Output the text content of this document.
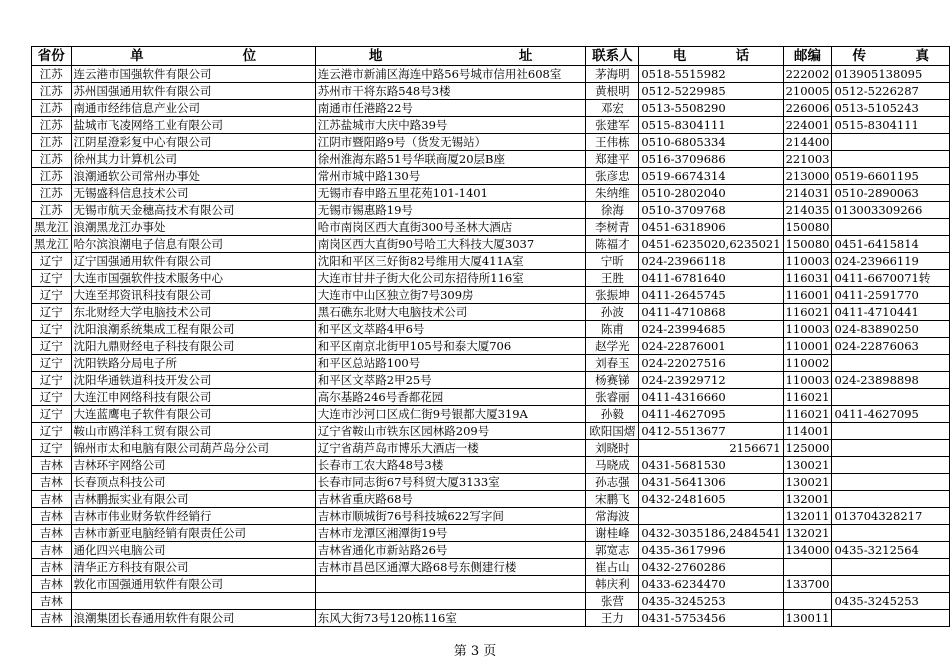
省份	单　　位	地　　　址	联系人	电　话	邮编	传　真
江苏	连云港市国强软件有限公司	连云港市新浦区海连中路56号城市信用社608室	茅海明	0518-5515982	222002	013905138095
江苏	苏州国强通用软件有限公司	苏州市干将东路548号3楼	黄根明	0512-5229985	210005	0512-5226287
江苏	南通市经纬信息产业公司	南通市任港路22号	邓宏	0513-5508290	226006	0513-5105243
江苏	盐城市飞凌网络工业有限公司	江苏盐城市大庆中路39号	张建军	0515-8304111	224001	0515-8304111
江苏	江阴星澄彩复中心有限公司	江阴市暨阳路9号（货发无锡站）	王伟栋	0510-6805334	214400	
江苏	徐州其力计算机公司	徐州淮海东路51号华联商厦20层B座	郑建平	0516-3709686	221003	
江苏	浪潮通软公司常州办事处	常州市城中路130号	张彦忠	0519-6674314	213000	0519-6601195
江苏	无锡盛科信息技术公司	无锡市春申路五里花苑101-1401	朱纳维	0510-2802040	214031	0510-2890063
江苏	无锡市航天金穗高技术有限公司	无锡市锡惠路19号	徐海	0510-3709768	214035	013003309266
黑龙江	浪潮黑龙江办事处	哈市南岗区西大直街300号圣林大酒店	李树青	0451-6318906	150080	
黑龙江	哈尔滨浪潮电子信息有限公司	南岗区西大直街90号哈工大科技大厦3037	陈福才	0451-6235020,6235021	150080	0451-6415814
辽宁	辽宁国强通用软件有限公司	沈阳和平区三好街82号维用大厦411A室	宁昕	024-23966118	110003	024-23966119
辽宁	大连市国强软件技术服务中心	大连市甘井子街大化公司东招待所116室	王胜	0411-6781640	116031	0411-6670071转
辽宁	大连至邦资讯科技有限公司	大连市中山区独立街7号309房	张振坤	0411-2645745	116001	0411-2591770
辽宁	东北财经大学电脑技术公司	黑石礁东北财大电脑技术公司	孙波	0411-4710868	116021	0411-4710441
辽宁	沈阳浪潮系统集成工程有限公司	和平区文萃路4甲6号	陈甫	024-23994685	110003	024-83890250
辽宁	沈阳九鼎财经电子科技有限公司	和平区南京北街甲105号和泰大厦706	赵学光	024-22876001	110001	024-22876063
辽宁	沈阳铁路分局电子所	和平区总站路100号	刘春玉	024-22027516	110002	
辽宁	沈阳华通铁道科技开发公司	和平区文萃路2甲25号	杨赛锑	024-23929712	110003	024-23898898
辽宁	大连江申网络科技有限公司	高尔基路246号香都花园	张睿丽	0411-4316660	116021	
辽宁	大连蓝鹰电子软件有限公司	大连市沙河口区成仁街9号银都大厦319A	孙毅	0411-4627095	116021	0411-4627095
辽宁	鞍山市鸥洋科工贸有限公司	辽宁省鞍山市铁东区园林路209号	欧阳国熠	0412-5513677	114001	
辽宁	锦州市太和电脑有限公司葫芦岛分公司	辽宁省葫芦岛市博乐大酒店一楼	刘晓时	2156671	125000	
吉林	吉林环宇网络公司	长春市工农大路48号3楼	马晓成	0431-5681530	130021	
吉林	长春顶点科技公司	长春市同志街67号科贸大厦3133室	孙志强	0431-5641306	130021	
吉林	吉林鹏振实业有限公司	吉林省重庆路68号	宋鹏飞	0432-2481605	132001	
吉林	吉林市伟业财务软件经销行	吉林市顺城街76号科技城622写字间	常海波		132011	013704328217
吉林	吉林市新亚电脑经销有限责任公司	吉林市龙潭区湘潭街19号	谢桂峰	0432-3035186,2484541	132021	
吉林	通化四兴电脑公司	吉林省通化市新站路26号	郭宽志	0435-3617996	134000	0435-3212564
吉林	清华正方科技有限公司	吉林市昌邑区通潭大路68号东侧建行楼	崔占山	0432-2760286		
吉林	敦化市国强通用软件有限公司		韩庆利	0433-6234470	133700	
吉林			张营	0435-3245253		0435-3245253
吉林	浪潮集团长春通用软件有限公司	东风大街73号120栋116室	王力	0431-5753456	130011	
第 3 页
